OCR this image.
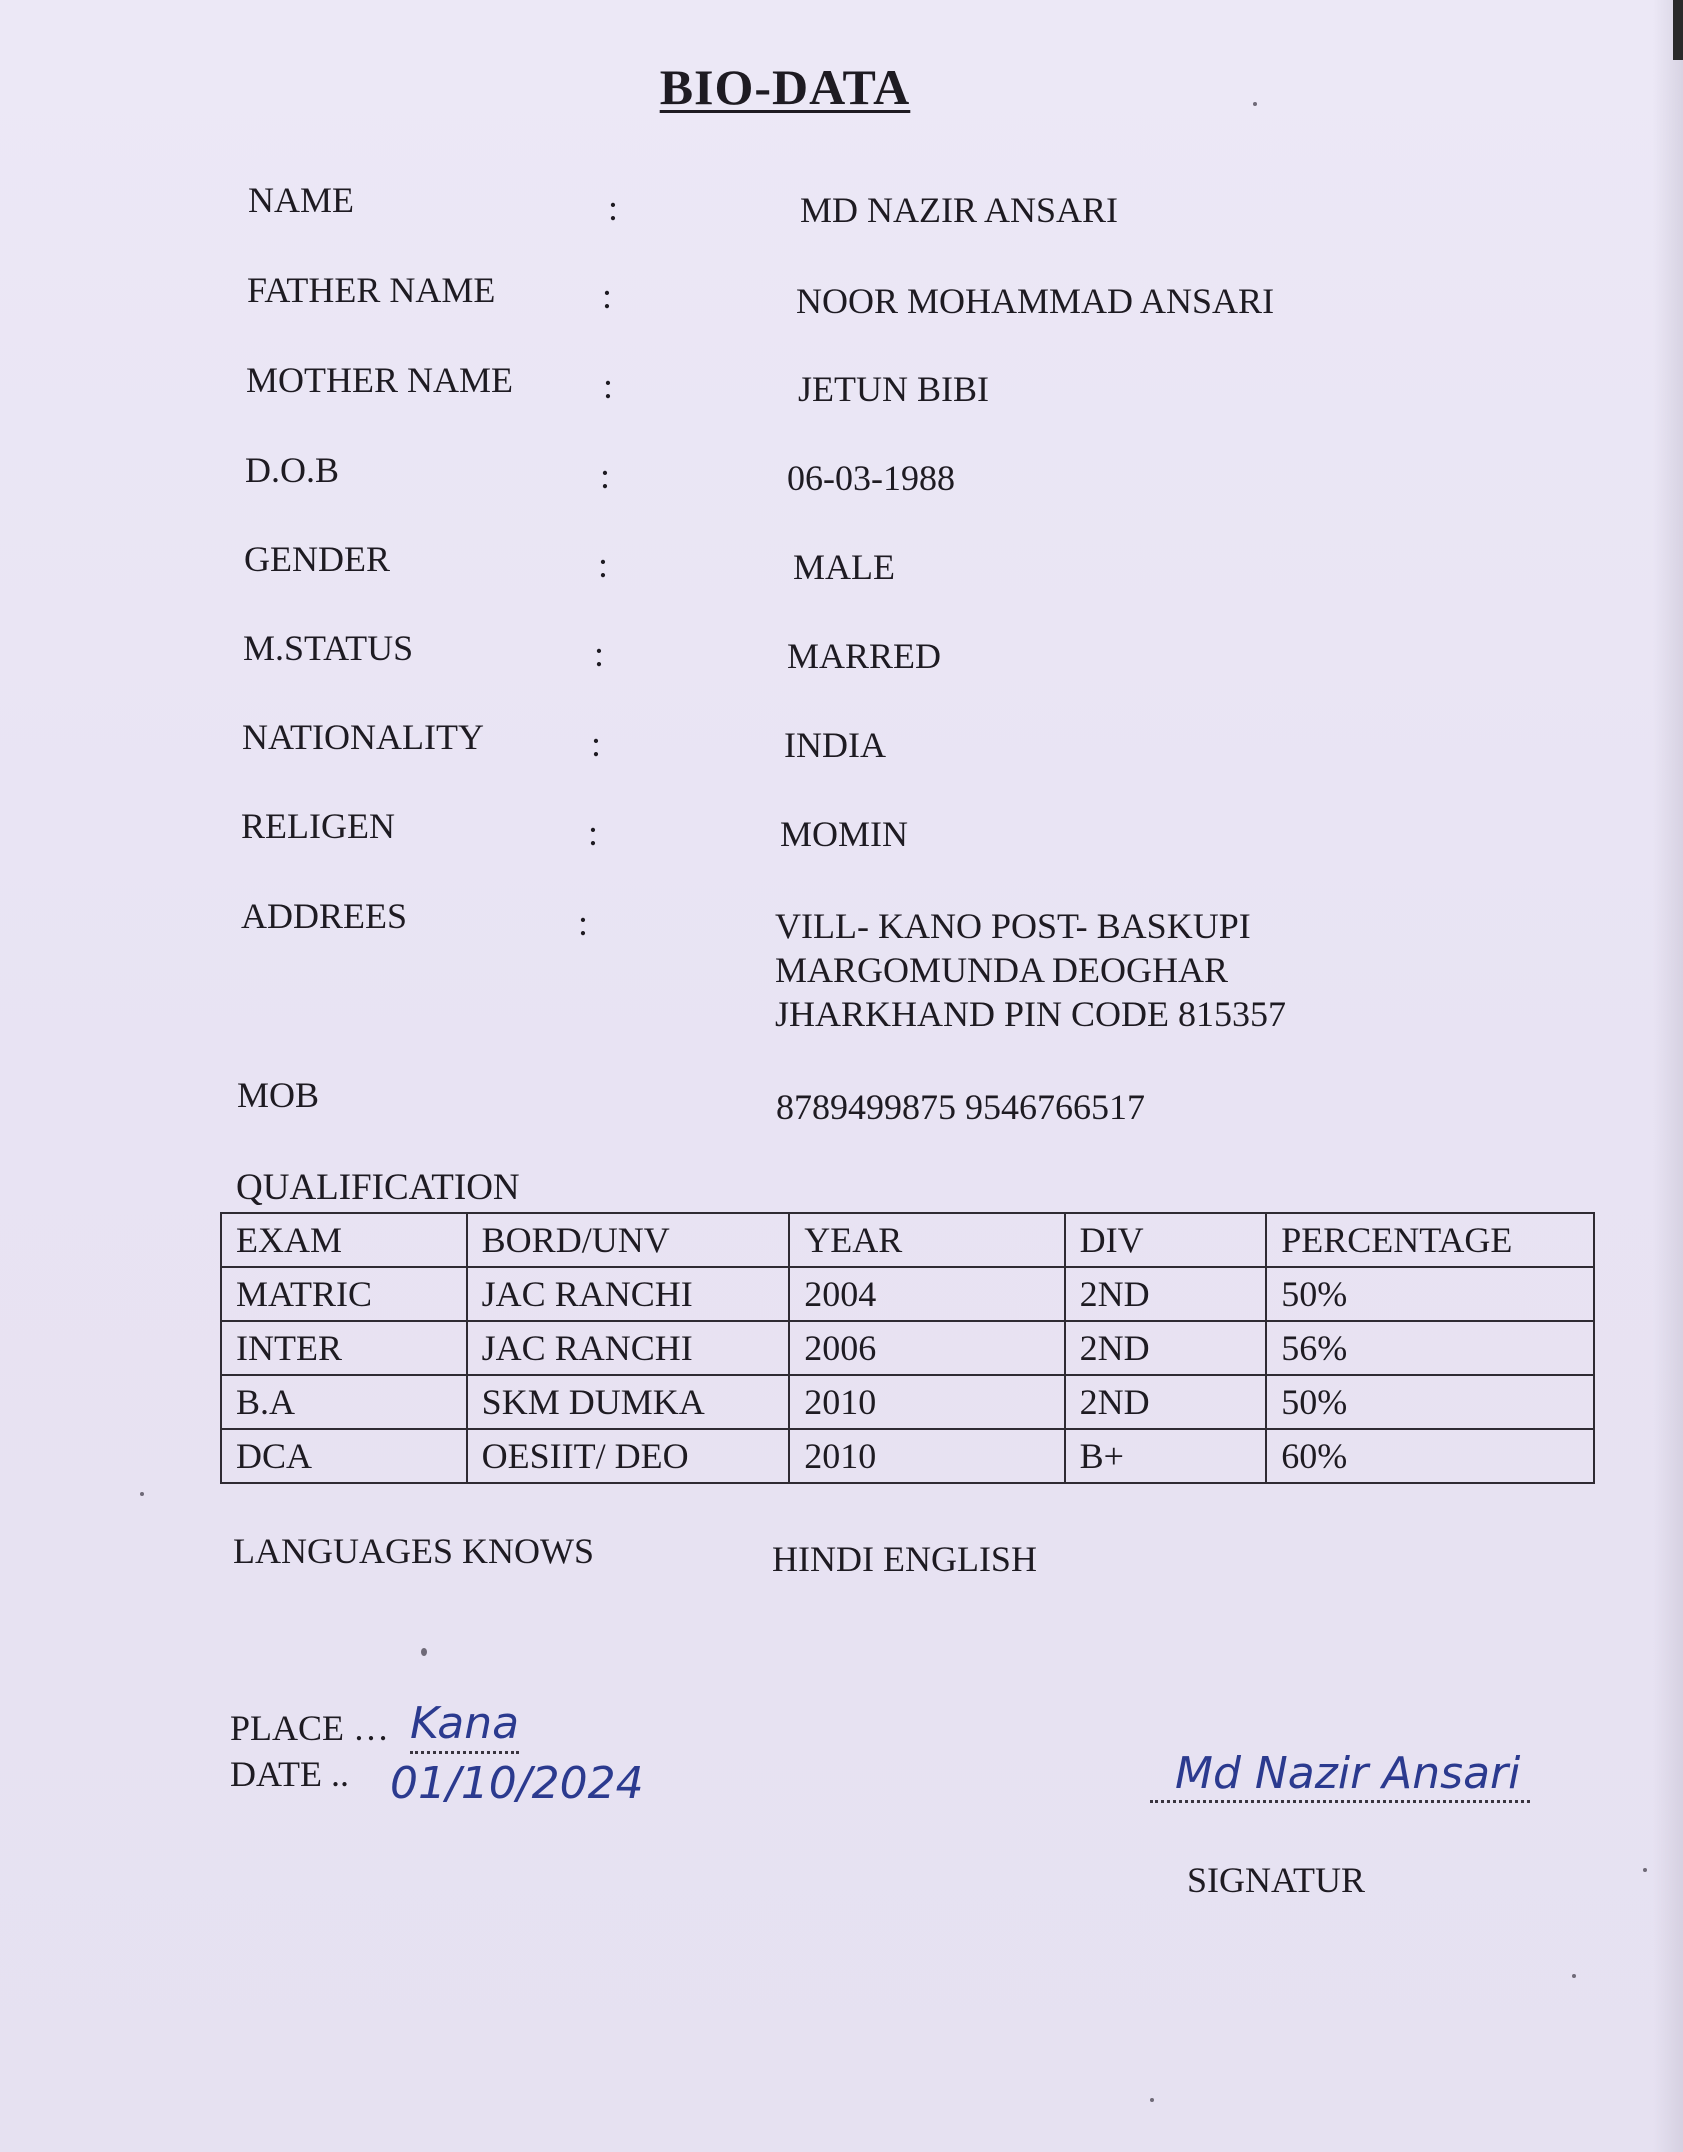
BIO-DATA
NAME	:	MD NAZIR ANSARI
FATHER NAME	:	NOOR MOHAMMAD ANSARI
MOTHER NAME	:	JETUN BIBI
D.O.B	:	06-03-1988
GENDER	:	MALE
M.STATUS	:	MARRED
NATIONALITY	:	INDIA
RELIGEN	:	MOMIN
ADDREES	:	VILL- KANO POST- BASKUPI
MARGOMUNDA DEOGHAR
JHARKHAND PIN CODE 815357
MOB	8789499875 9546766517
QUALIFICATION
EXAM	BORD/UNV	YEAR	DIV	PERCENTAGE
MATRIC	JAC RANCHI	2004	2ND	50%
INTER	JAC RANCHI	2006	2ND	56%
B.A	SKM DUMKA	2010	2ND	50%
DCA	OESIIT/ DEO	2010	B+	60%
LANGUAGES KNOWS	HINDI ENGLISH
PLACE … Kana
DATE .. 01/10/2024	Md Nazir Ansari
SIGNATUR
